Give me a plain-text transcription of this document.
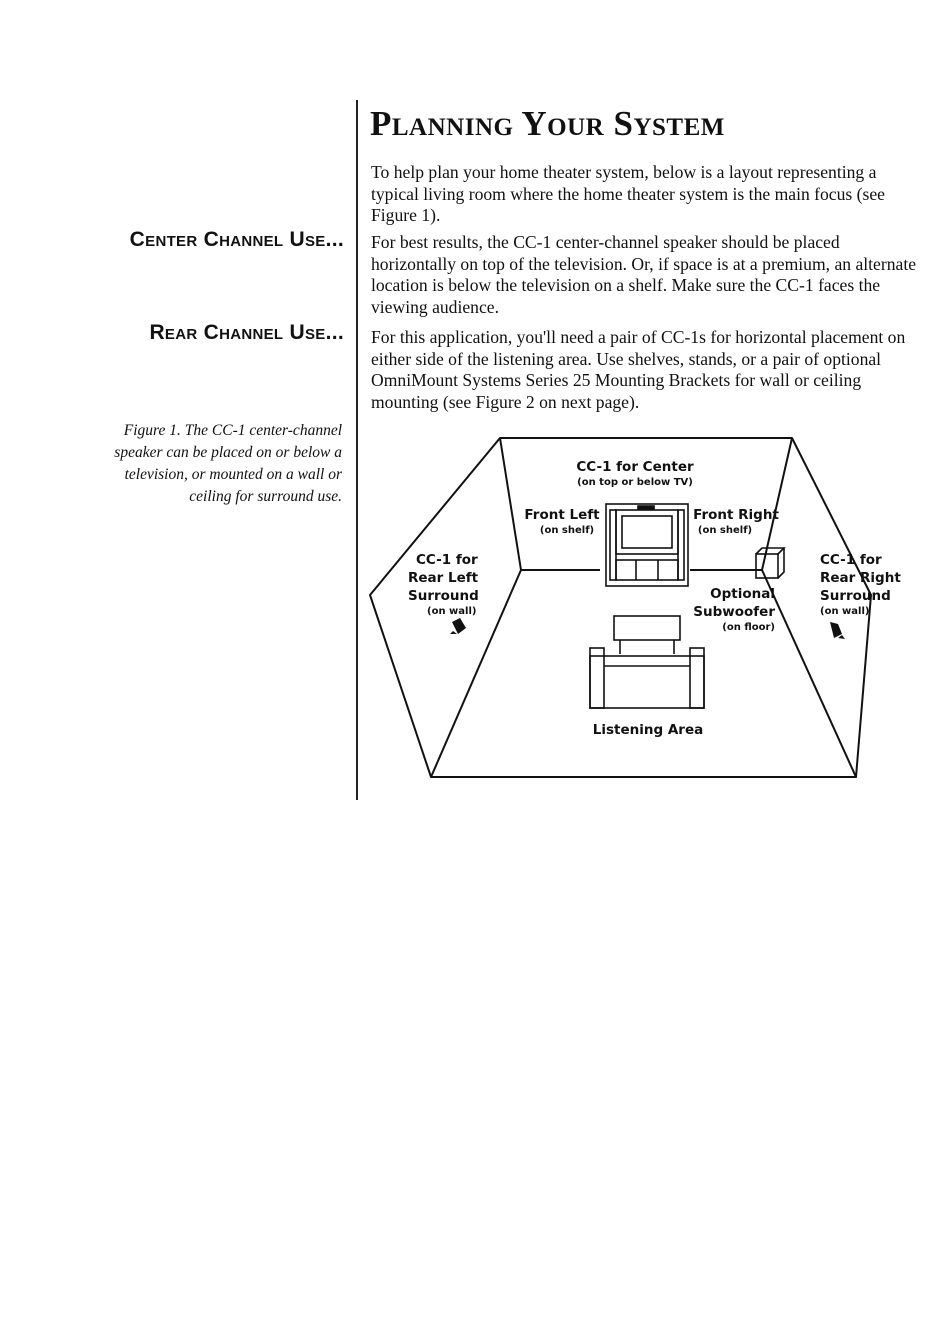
Center Channel Use...
Rear Channel Use...
Figure 1. The CC-1 center-channel speaker can be placed on or below a television, or mounted on a wall or ceiling for surround use.
Planning Your System
To help plan your home theater system, below is a layout representing a typical living room where the home theater system is the main focus (see Figure 1).
For best results, the CC-1 center-channel speaker should be placed horizontally on top of the television. Or, if space is at a premium, an alternate location is below the television on a shelf. Make sure the CC-1 faces the viewing audience.
For this application, you'll need a pair of CC-1s for horizontal placement on either side of the listening area. Use shelves, stands, or a pair of optional OmniMount Systems Series 25 Mounting Brackets for wall or ceiling mounting (see Figure 2 on next page).
CC-1 for Center
(on top or below TV)
Front Left
(on shelf)
Front Right
(on shelf)
CC-1 for
Rear Left
Surround
(on wall)
CC-1 for
Rear Right
Surround
(on wall)
Optional
Subwoofer
(on floor)
Listening Area
